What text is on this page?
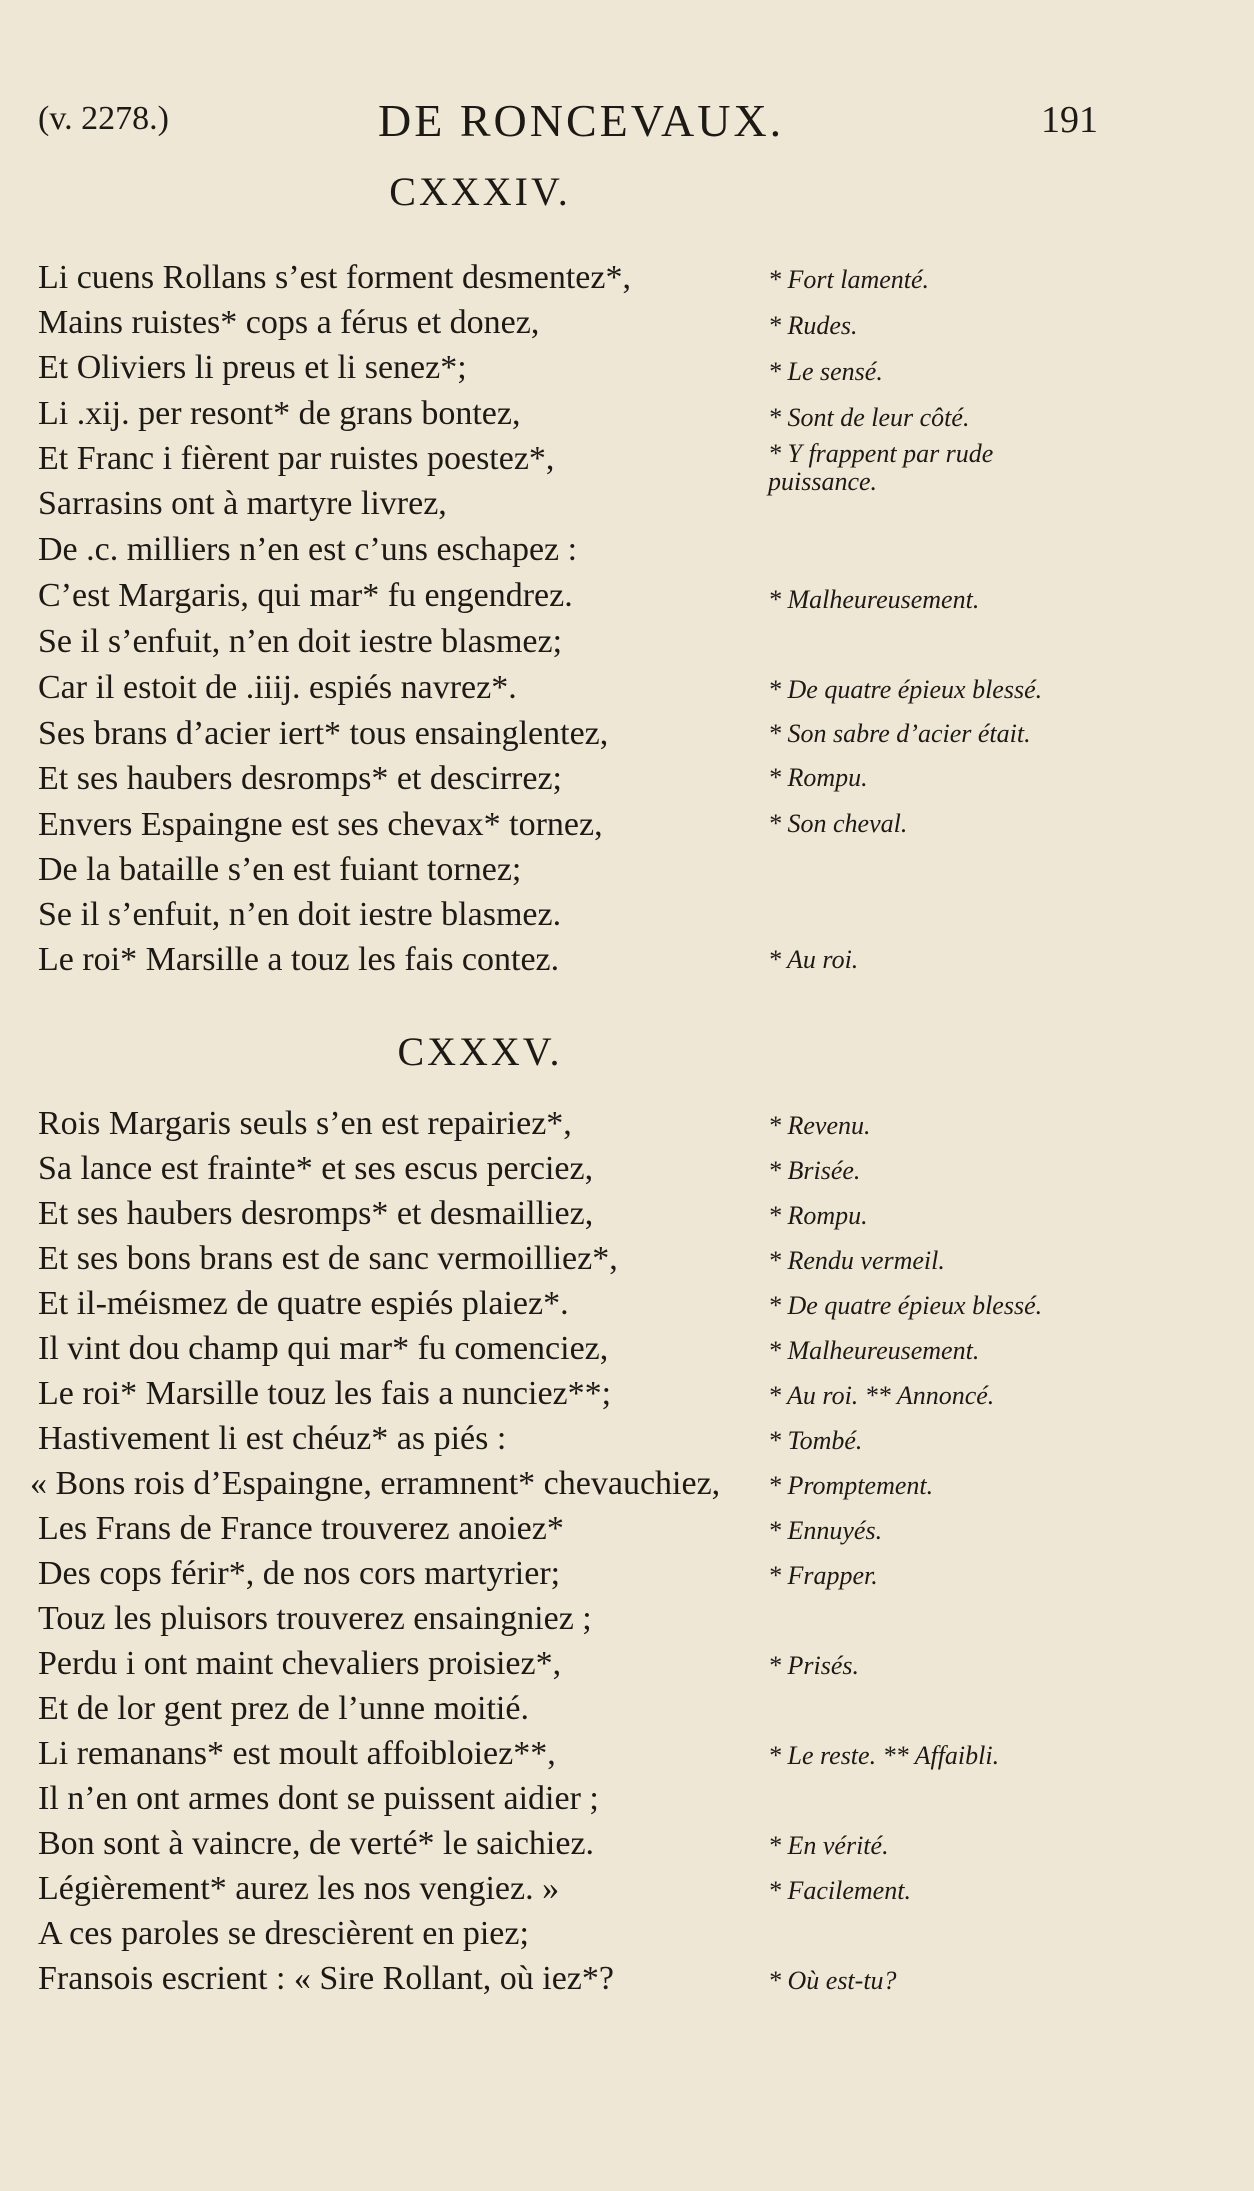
(v. 2278.)	DE RONCEVAUX.	191
CXXXIV.
Li cuens Rollans s’est forment desmentez*,
Mains ruistes* cops a férus et donez,
Et Oliviers li preus et li senez*;
Li .xij. per resont* de grans bontez,
Et Franc i fièrent par ruistes poestez*,
Sarrasins ont à martyre livrez,
De .c. milliers n’en est c’uns eschapez :
C’est Margaris, qui mar* fu engendrez.
Se il s’enfuit, n’en doit iestre blasmez;
Car il estoit de .iiij. espiés navrez*.
Ses brans d’acier iert* tous ensainglentez,
Et ses haubers desromps* et descirrez;
Envers Espaingne est ses chevax* tornez,
De la bataille s’en est fuiant tornez;
Se il s’enfuit, n’en doit iestre blasmez.
Le roi* Marsille a touz les fais contez.
* Fort lamenté.
* Rudes.
* Le sensé.
* Sont de leur côté.
* Y frappent par rude puissance.
* Malheureusement.
* De quatre épieux blessé.
* Son sabre d’acier était.
* Rompu.
* Son cheval.
* Au roi.
CXXXV.
Rois Margaris seuls s’en est repairiez*,
Sa lance est frainte* et ses escus perciez,
Et ses haubers desromps* et desmailliez,
Et ses bons brans est de sanc vermoilliez*,
Et il-méismez de quatre espiés plaiez*.
Il vint dou champ qui mar* fu comenciez,
Le roi* Marsille touz les fais a nunciez**;
Hastivement li est chéuz* as piés :
« Bons rois d’Espaingne, erramnent* chevauchiez,
Les Frans de France trouverez anoiez*
Des cops férir*, de nos cors martyrier;
Touz les pluisors trouverez ensaingniez ;
Perdu i ont maint chevaliers proisiez*,
Et de lor gent prez de l’unne moitié.
Li remanans* est moult affoibloiez**,
Il n’en ont armes dont se puissent aidier ;
Bon sont à vaincre, de verté* le saichiez.
Légièrement* aurez les nos vengiez. »
A ces paroles se drescièrent en piez;
Fransois escrient : « Sire Rollant, où iez*?
* Revenu.
* Brisée.
* Rompu.
* Rendu vermeil.
* De quatre épieux blessé.
* Malheureusement.
* Au roi. ** Annoncé.
* Tombé.
* Promptement.
* Ennuyés.
* Frapper.
* Prisés.
* Le reste. ** Affaibli.
* En vérité.
* Facilement.
* Où est-tu?
